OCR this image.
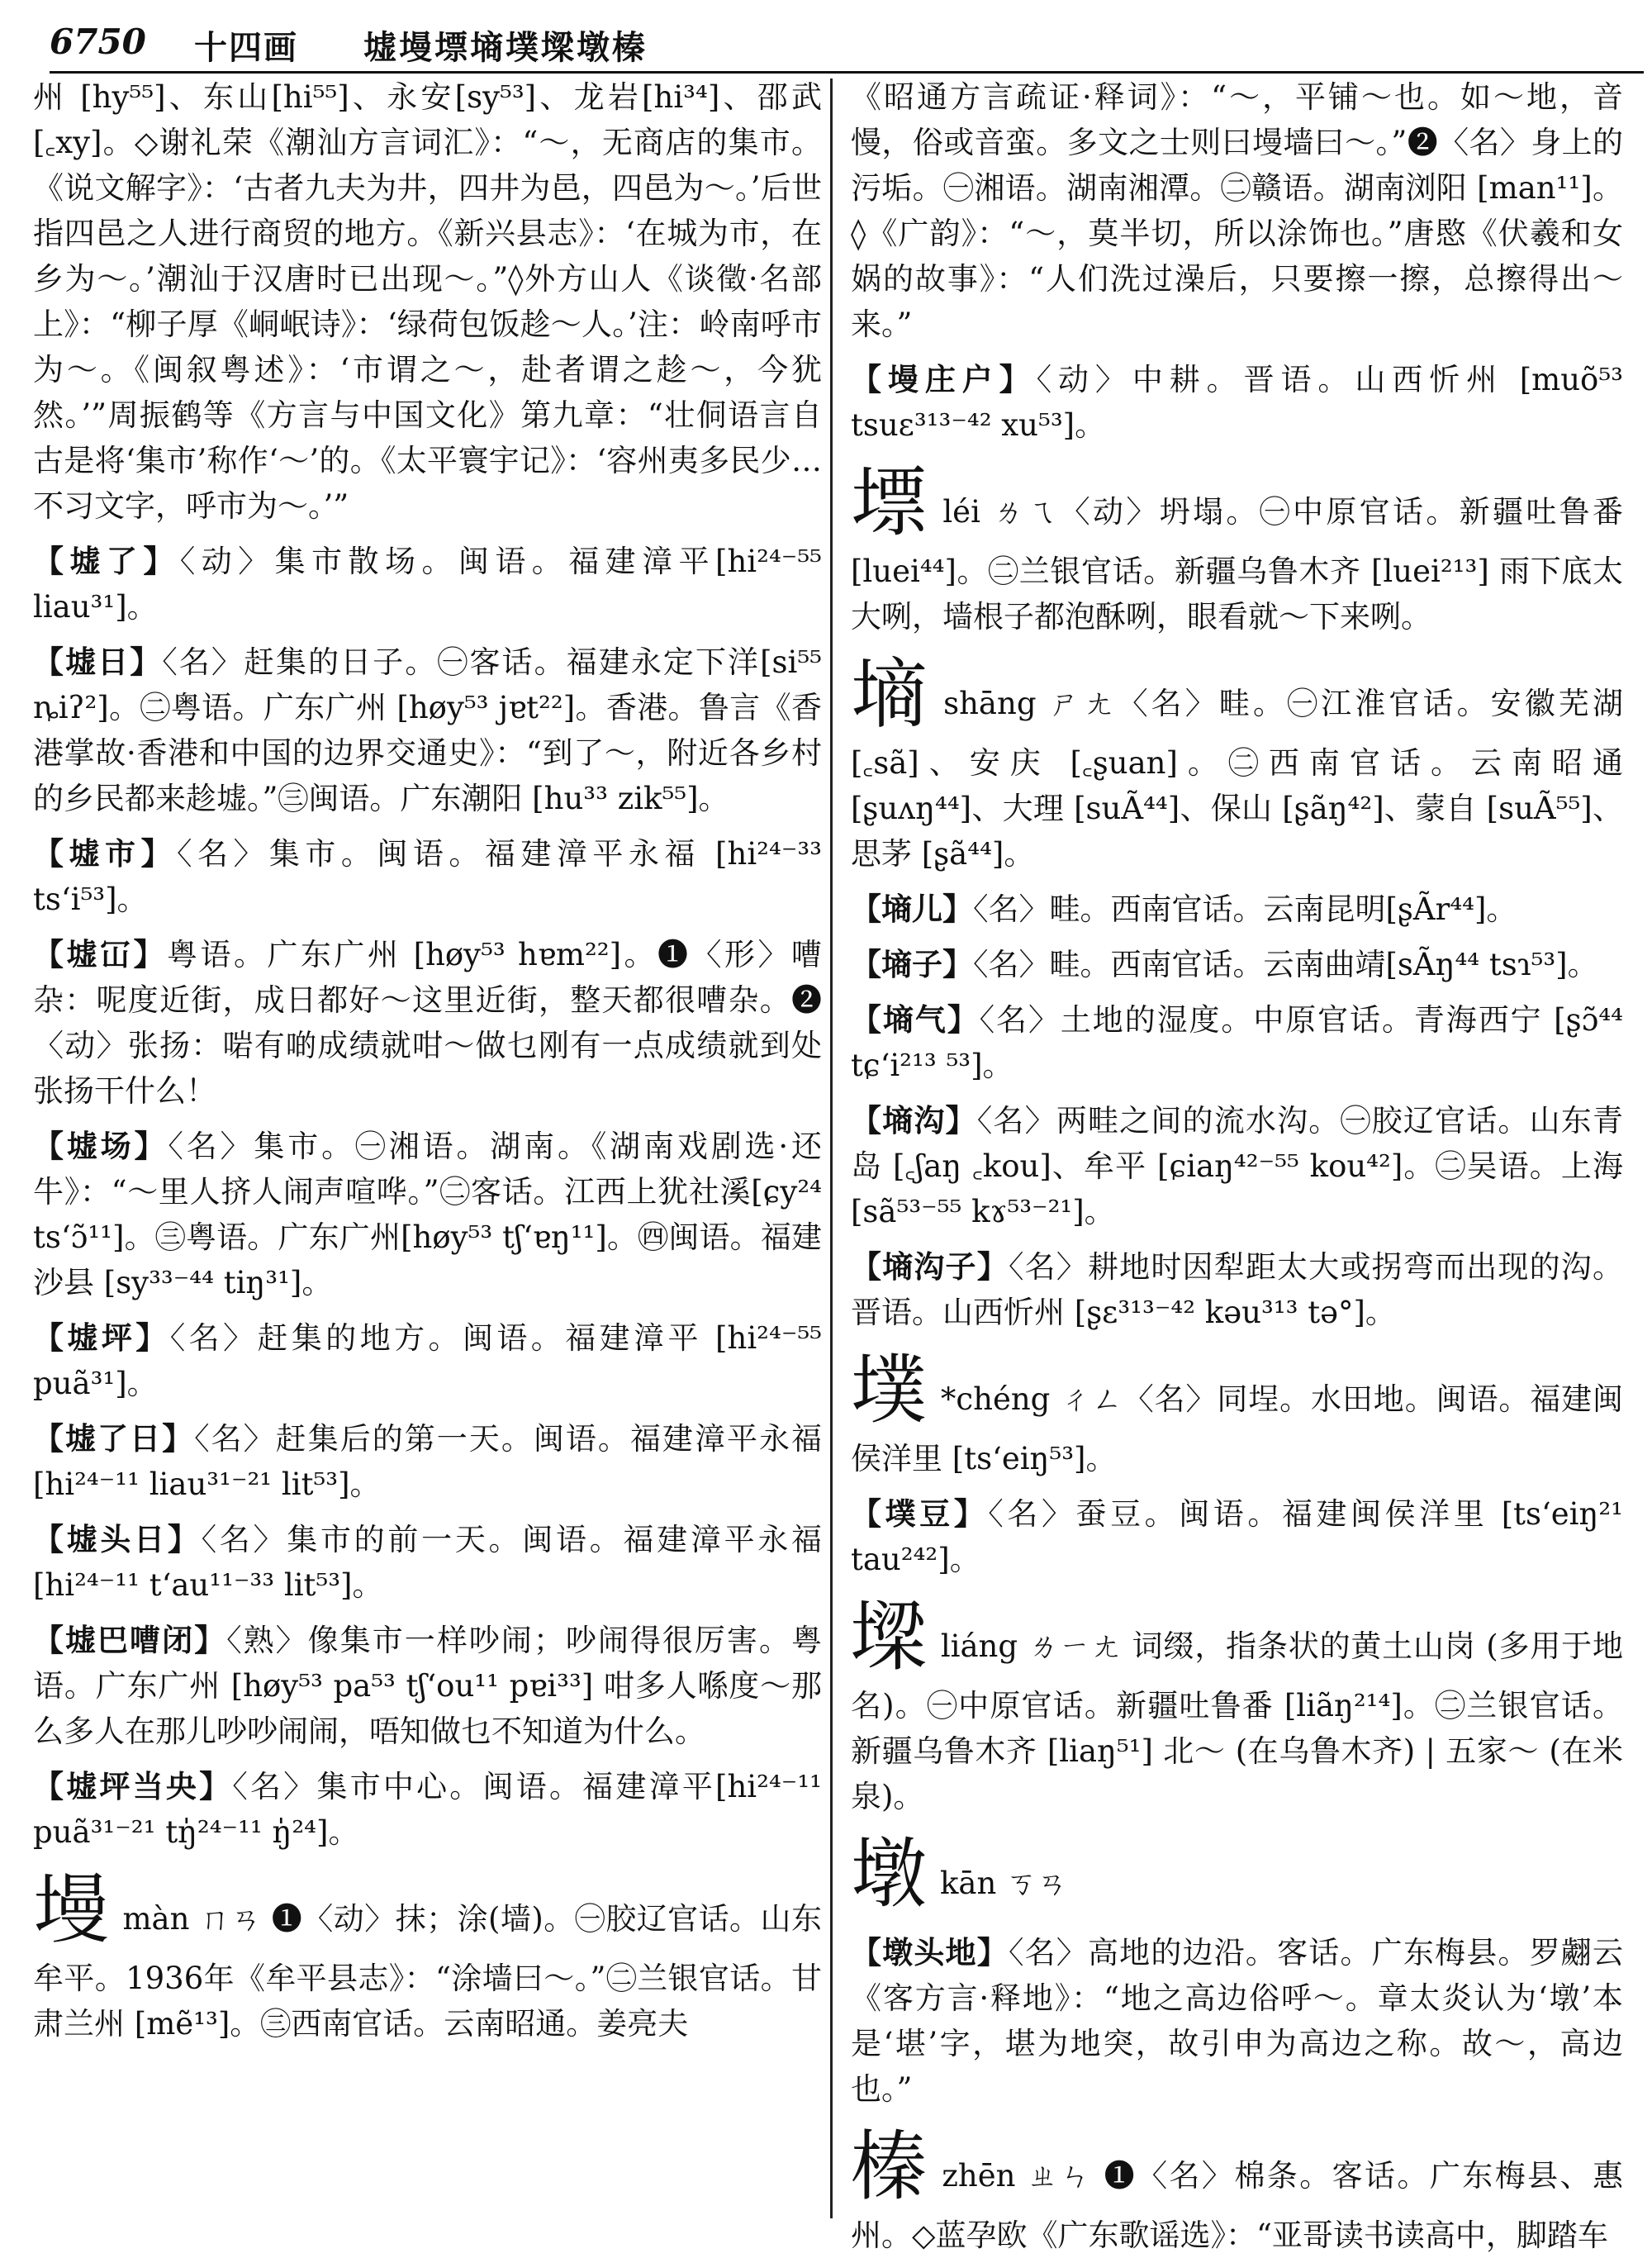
6750 十四画 墟墁墂墒墣墚墩榛
州 [hy⁵⁵]、东山[hi⁵⁵]、永安[sy⁵³]、龙岩[hi³⁴]、邵武 [꜀xy]。◇谢礼荣《潮汕方言词汇》：“～，无商店的集市。《说文解字》：‘古者九夫为井，四井为邑，四邑为～。’后世指四邑之人进行商贸的地方。《新兴县志》：‘在城为市，在乡为～。’潮汕于汉唐时已出现～。”◊外方山人《谈徵·名部上》：“柳子厚《峒岷诗》：‘绿荷包饭趁～人。’注：岭南呼市为～。《闽叙粤述》：‘市谓之～，赴者谓之趁～，今犹然。’”周振鹤等《方言与中国文化》第九章：“壮侗语言自古是将‘集市’称作‘～’的。《太平寰宇记》：‘容州夷多民少…不习文字，呼市为～。’”
【墟了】〈动〉集市散场。闽语。福建漳平[hi²⁴⁻⁵⁵ liau³¹]。
【墟日】〈名〉赶集的日子。㊀客话。福建永定下洋[si⁵⁵ ȵiʔ²]。㊁粤语。广东广州 [høy⁵³ jɐt²²]。香港。鲁言《香港掌故·香港和中国的边界交通史》：“到了～，附近各乡村的乡民都来趁墟。”㊂闽语。广东潮阳 [hu³³ zik⁵⁵]。
【墟市】〈名〉集市。闽语。福建漳平永福 [hi²⁴⁻³³ ts‘i⁵³]。
【墟冚】粤语。广东广州 [høy⁵³ hɐm²²]。❶〈形〉嘈杂：呢度近街，成日都好～这里近街，整天都很嘈杂。❷〈动〉张扬：啱有啲成绩就咁～做乜刚有一点成绩就到处张扬干什么！
【墟场】〈名〉集市。㊀湘语。湖南。《湖南戏剧选·还牛》：“～里人挤人闹声喧哗。”㊁客话。江西上犹社溪[ɕy²⁴ ts‘ɔ̃¹¹]。㊂粤语。广东广州[høy⁵³ tʃ‘ɐŋ¹¹]。㊃闽语。福建沙县 [sy³³⁻⁴⁴ tiŋ³¹]。
【墟坪】〈名〉赶集的地方。闽语。福建漳平 [hi²⁴⁻⁵⁵ puã³¹]。
【墟了日】〈名〉赶集后的第一天。闽语。福建漳平永福 [hi²⁴⁻¹¹ liau³¹⁻²¹ lit⁵³]。
【墟头日】〈名〉集市的前一天。闽语。福建漳平永福[hi²⁴⁻¹¹ t‘au¹¹⁻³³ lit⁵³]。
【墟巴嘈闭】〈熟〉像集市一样吵闹；吵闹得很厉害。粤语。广东广州 [høy⁵³ pa⁵³ tʃ‘ou¹¹ pɐi³³] 咁多人喺度～那么多人在那儿吵吵闹闹，唔知做乜不知道为什么。
【墟坪当央】〈名〉集市中心。闽语。福建漳平[hi²⁴⁻¹¹ puã³¹⁻²¹ tŋ̍²⁴⁻¹¹ ŋ̍²⁴]。
墁màn ㄇㄢ ❶〈动〉抹；涂(墙)。㊀胶辽官话。山东牟平。1936年《牟平县志》：“涂墙曰～。”㊁兰银官话。甘肃兰州 [mẽ¹³]。㊂西南官话。云南昭通。姜亮夫
《昭通方言疏证·释词》：“～，平铺～也。如～地，音慢，俗或音蛮。多文之士则曰墁墙曰～。”❷〈名〉身上的污垢。㊀湘语。湖南湘潭。㊁赣语。湖南浏阳 [man¹¹]。◊《广韵》：“～，莫半切，所以涂饰也。”唐愍《伏羲和女娲的故事》：“人们洗过澡后，只要擦一擦，总擦得出～来。”
【墁庄户】〈动〉中耕。晋语。山西忻州 [muõ⁵³ tsuɛ³¹³⁻⁴² xu⁵³]。
墂léi ㄌㄟ〈动〉坍塌。㊀中原官话。新疆吐鲁番 [luei⁴⁴]。㊁兰银官话。新疆乌鲁木齐 [luei²¹³] 雨下底太大咧，墙根子都泡酥咧，眼看就～下来咧。
墒shāng ㄕㄤ〈名〉畦。㊀江淮官话。安徽芜湖 [꜀sã]、安庆 [꜀ʂuan]。㊁西南官话。云南昭通 [ʂuʌŋ⁴⁴]、大理 [suÃ⁴⁴]、保山 [ʂãŋ⁴²]、蒙自 [suÃ⁵⁵]、思茅 [ʂã⁴⁴]。
【墒儿】〈名〉畦。西南官话。云南昆明[ʂÃr⁴⁴]。
【墒子】〈名〉畦。西南官话。云南曲靖[sÃŋ⁴⁴ tsɿ⁵³]。
【墒气】〈名〉土地的湿度。中原官话。青海西宁 [ʂɔ̃⁴⁴ tɕ‘i²¹³ ⁵³]。
【墒沟】〈名〉两畦之间的流水沟。㊀胶辽官话。山东青岛 [꜀ʃaŋ ꜀kou]、牟平 [ɕiaŋ⁴²⁻⁵⁵ kou⁴²]。㊁吴语。上海 [sã⁵³⁻⁵⁵ kɤ⁵³⁻²¹]。
【墒沟子】〈名〉耕地时因犁距太大或拐弯而出现的沟。晋语。山西忻州 [ʂɛ³¹³⁻⁴² kəu³¹³ tə°]。
墣 *chéng ㄔㄥ〈名〉同埕。水田地。闽语。福建闽侯洋里 [ts‘eiŋ⁵³]。
【墣豆】〈名〉蚕豆。闽语。福建闽侯洋里 [ts‘eiŋ²¹ tau²⁴²]。
墚liáng ㄌㄧㄤ 词缀，指条状的黄土山岗 (多用于地名)。㊀中原官话。新疆吐鲁番 [liãŋ²¹⁴]。㊁兰银官话。新疆乌鲁木齐 [liaŋ⁵¹] 北～ (在乌鲁木齐) | 五家～ (在米泉)。
墩kān ㄎㄢ
【墩头地】〈名〉高地的边沿。客话。广东梅县。罗翽云《客方言·释地》：“地之高边俗呼～。章太炎认为‘墩’本是‘堪’字，堪为地突，故引申为高边之称。故～，高边也。”
榛zhēn ㄓㄣ ❶〈名〉棉条。客话。广东梅县、惠州。◇蓝孕欧《广东歌谣选》：“亚哥读书读高中，脚踏车
